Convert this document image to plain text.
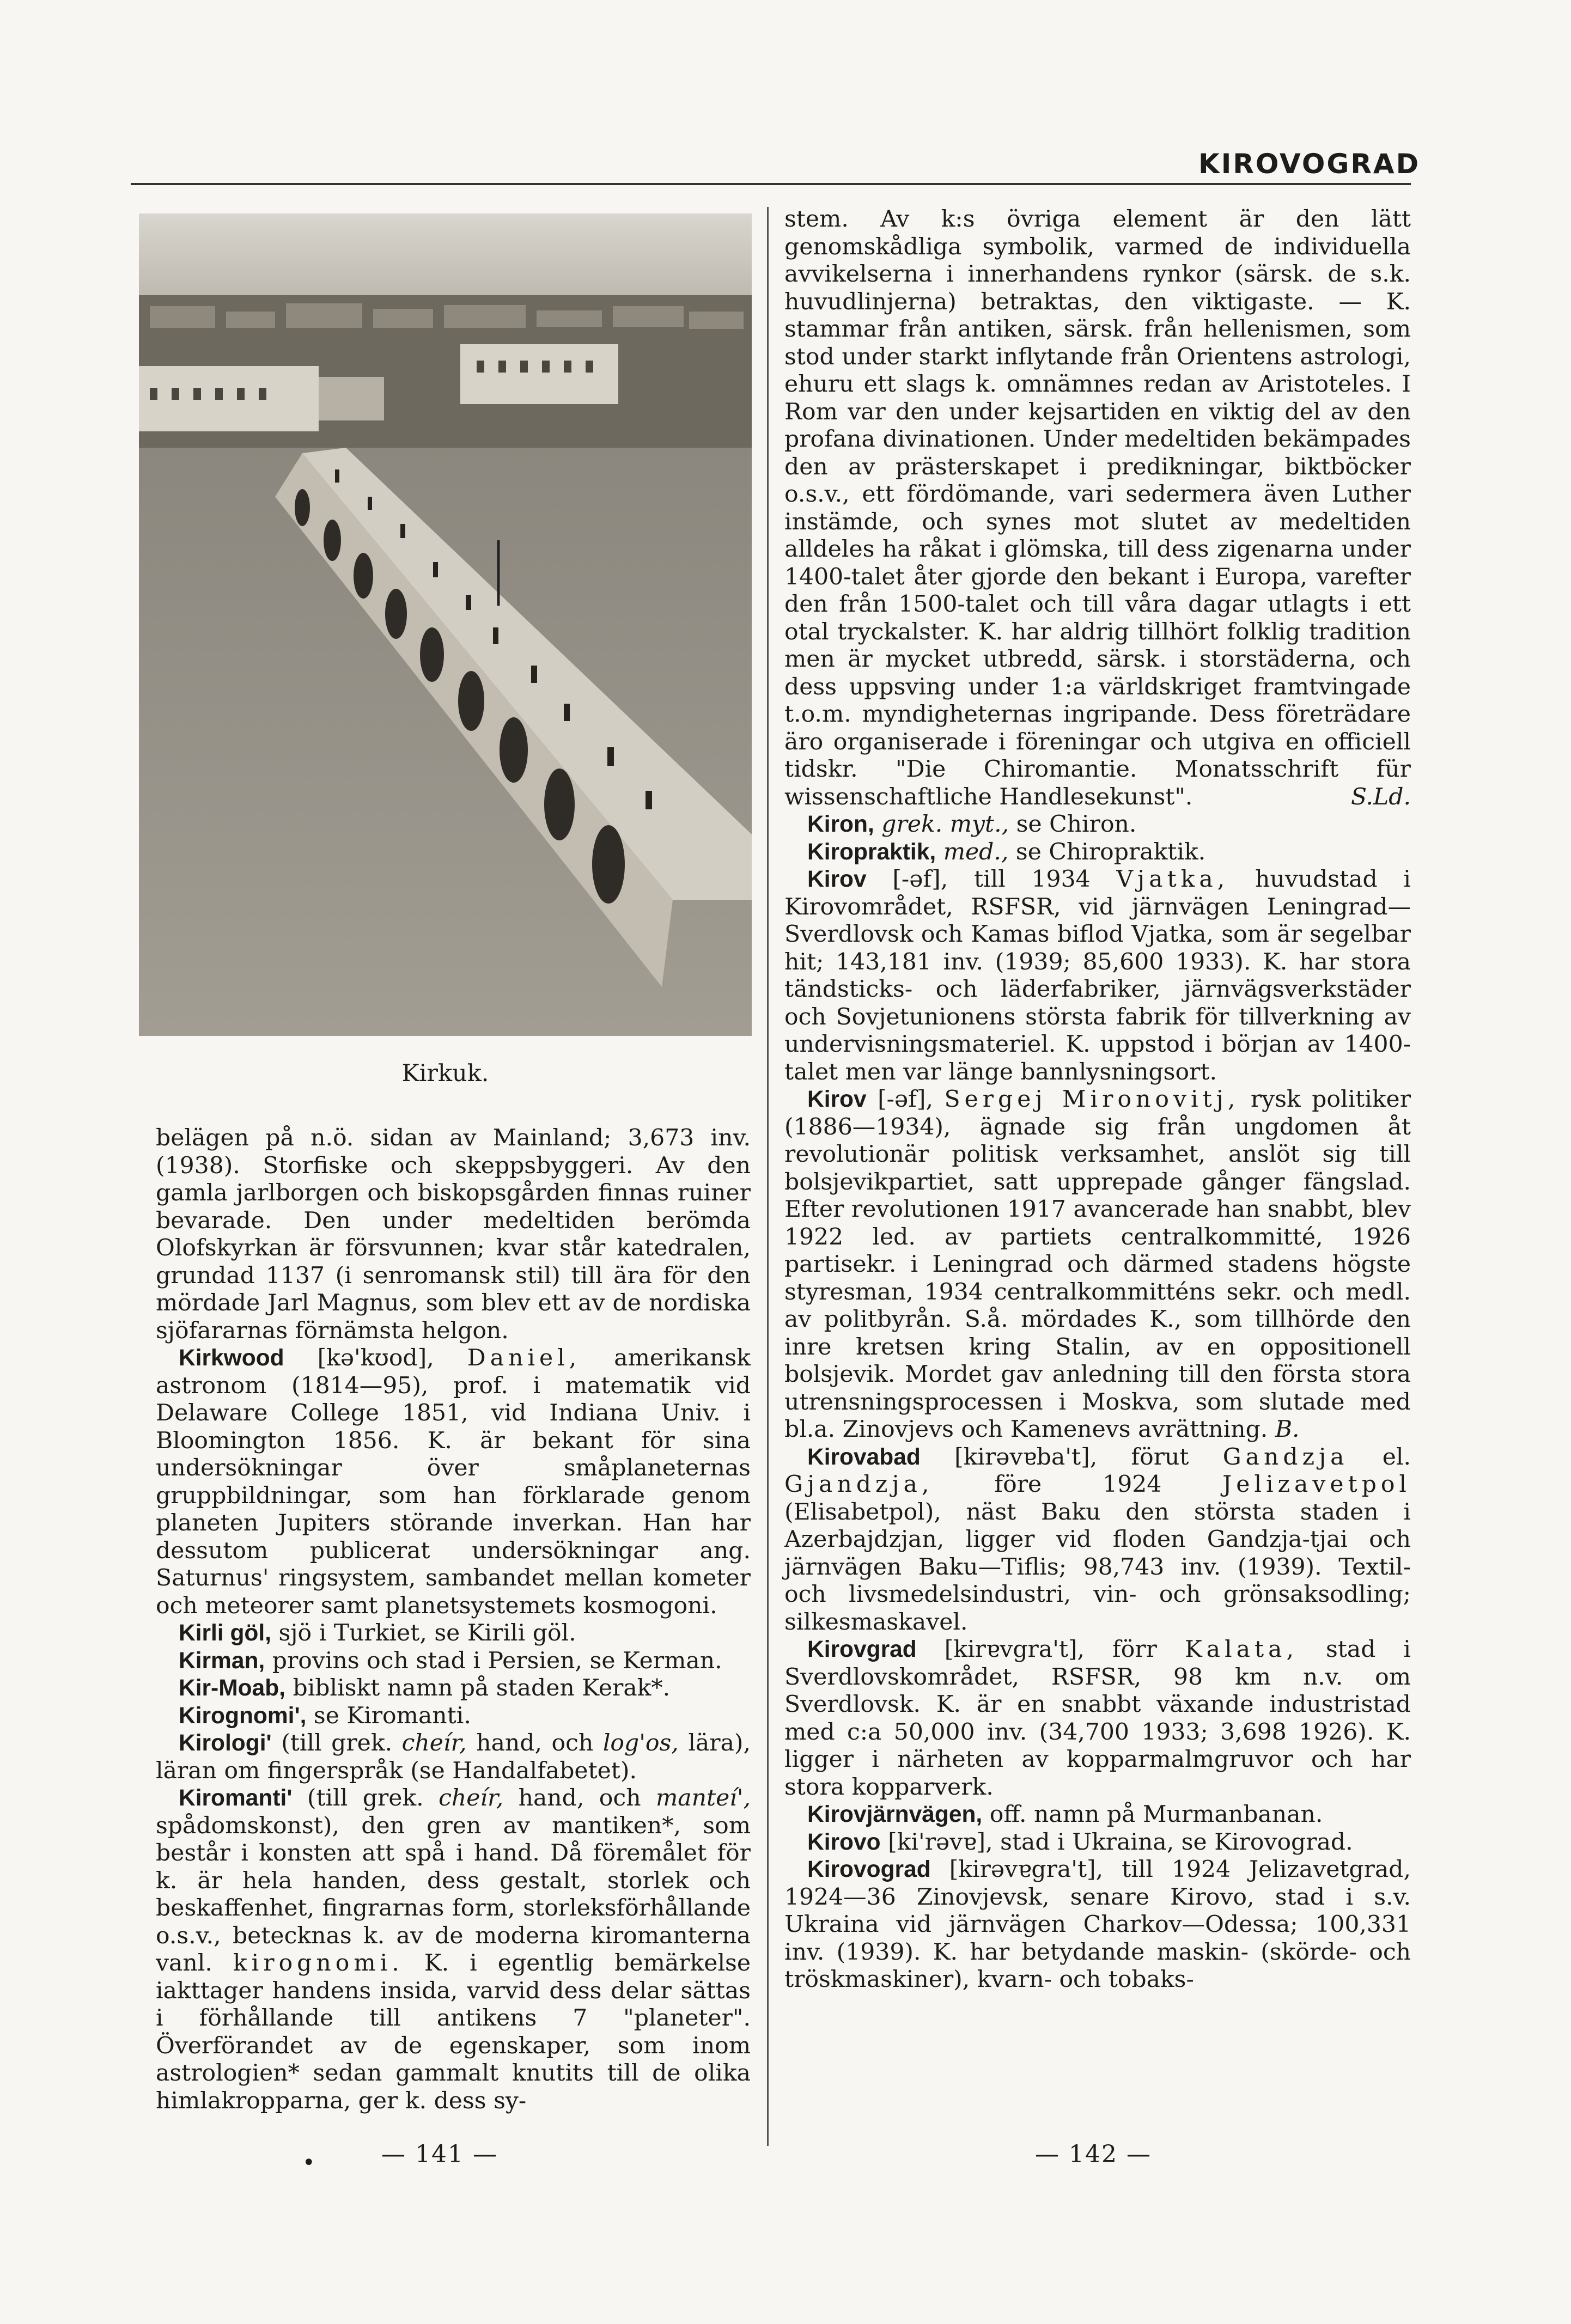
KIROVOGRAD
Kirkuk.

belägen på n.ö. sidan av Mainland; 3,673 inv. (1938). Storfiske och skeppsbyggeri. Av den gamla jarlborgen och biskopsgården finnas ruiner bevarade. Den under medeltiden berömda Olofskyrkan är försvunnen; kvar står katedralen, grundad 1137 (i senromansk stil) till ära för den mördade Jarl Magnus, som blev ett av de nordiska sjöfararnas förnämsta helgon.

Kirkwood [kə'kʊod], Daniel, amerikansk astronom (1814—95), prof. i matematik vid Delaware College 1851, vid Indiana Univ. i Bloomington 1856. K. är bekant för sina undersökningar över småplaneternas gruppbildningar, som han förklarade genom planeten Jupiters störande inverkan. Han har dessutom publicerat undersökningar ang. Saturnus' ringsystem, sambandet mellan kometer och meteorer samt planetsystemets kosmogoni.

Kirli göl, sjö i Turkiet, se Kirili göl.

Kirman, provins och stad i Persien, se Kerman.

Kir-Moab, bibliskt namn på staden Kerak*.

Kirognomi', se Kiromanti.

Kirologi' (till grek. cheír, hand, och log'os, lära), läran om fingerspråk (se Handalfabetet).

Kiromanti' (till grek. cheír, hand, och manteí', spådomskonst), den gren av mantiken*, som består i konsten att spå i hand. Då föremålet för k. är hela handen, dess gestalt, storlek och beskaffenhet, fingrarnas form, storleksförhållande o.s.v., betecknas k. av de moderna kiromanterna vanl. kirognomi. K. i egentlig bemärkelse iakttager handens insida, varvid dess delar sättas i förhållande till antikens 7 "planeter". Överförandet av de egenskaper, som inom astrologien* sedan gammalt knutits till de olika himlakropparna, ger k. dess sy-

stem. Av k:s övriga element är den lätt genomskådliga symbolik, varmed de individuella avvikelserna i innerhandens rynkor (särsk. de s.k. huvudlinjerna) betraktas, den viktigaste. — K. stammar från antiken, särsk. från hellenismen, som stod under starkt inflytande från Orientens astrologi, ehuru ett slags k. omnämnes redan av Aristoteles. I Rom var den under kejsartiden en viktig del av den profana divinationen. Under medeltiden bekämpades den av prästerskapet i predikningar, biktböcker o.s.v., ett fördömande, vari sedermera även Luther instämde, och synes mot slutet av medeltiden alldeles ha råkat i glömska, till dess zigenarna under 1400-talet åter gjorde den bekant i Europa, varefter den från 1500-talet och till våra dagar utlagts i ett otal tryckalster. K. har aldrig tillhört folklig tradition men är mycket utbredd, särsk. i storstäderna, och dess uppsving under 1:a världskriget framtvingade t.o.m. myndigheternas ingripande. Dess företrädare äro organiserade i föreningar och utgiva en officiell tidskr. "Die Chiromantie. Monatsschrift für wissenschaftliche Handlesekunst".	S.Ld.

Kiron, grek. myt., se Chiron.

Kiropraktik, med., se Chiropraktik.

Kirov [-əf], till 1934 Vjatka, huvudstad i Kirovområdet, RSFSR, vid järnvägen Leningrad—Sverdlovsk och Kamas biflod Vjatka, som är segelbar hit; 143,181 inv. (1939; 85,600 1933). K. har stora tändsticks- och läderfabriker, järnvägsverkstäder och Sovjetunionens största fabrik för tillverkning av undervisningsmateriel. K. uppstod i början av 1400-talet men var länge bannlysningsort.

Kirov [-əf], Sergej Mironovitj, rysk politiker (1886—1934), ägnade sig från ungdomen åt revolutionär politisk verksamhet, anslöt sig till bolsjevikpartiet, satt upprepade gånger fängslad. Efter revolutionen 1917 avancerade han snabbt, blev 1922 led. av partiets centralkommitté, 1926 partisekr. i Leningrad och därmed stadens högste styresman, 1934 centralkommitténs sekr. och medl. av politbyrån. S.å. mördades K., som tillhörde den inre kretsen kring Stalin, av en oppositionell bolsjevik. Mordet gav anledning till den första stora utrensningsprocessen i Moskva, som slutade med bl.a. Zinovjevs och Kamenevs avrättning. B.

Kirovabad [kirəvɐba't], förut Gandzja el. Gjandzja,	före 1924	Jelizavetpol (Elisabetpol), näst Baku den största staden i Azerbajdzjan, ligger vid floden Gandzja-tjai och järnvägen Baku—Tiflis; 98,743 inv. (1939). Textil- och livsmedelsindustri, vin- och grönsaksodling; silkesmaskavel.

Kirovgrad [kirɐvgra't], förr Kalata, stad i Sverdlovskområdet, RSFSR, 98 km n.v. om Sverdlovsk. K. är en snabbt växande industristad med c:a 50,000 inv. (34,700 1933; 3,698 1926). K. ligger i närheten av kopparmalmgruvor och har stora kopparverk.

Kirovjärnvägen, off. namn på Murmanbanan.

Kirovo [ki'rəvɐ], stad i Ukraina, se Kirovograd.

Kirovograd [kirəvɐgra't], till 1924 Jelizavetgrad, 1924—36 Zinovjevsk, senare Kirovo, stad i s.v. Ukraina vid järnvägen Charkov—Odessa; 100,331 inv. (1939). K. har betydande maskin- (skörde- och tröskmaskiner), kvarn- och tobaks-

•	— 141 —	— 142 —
